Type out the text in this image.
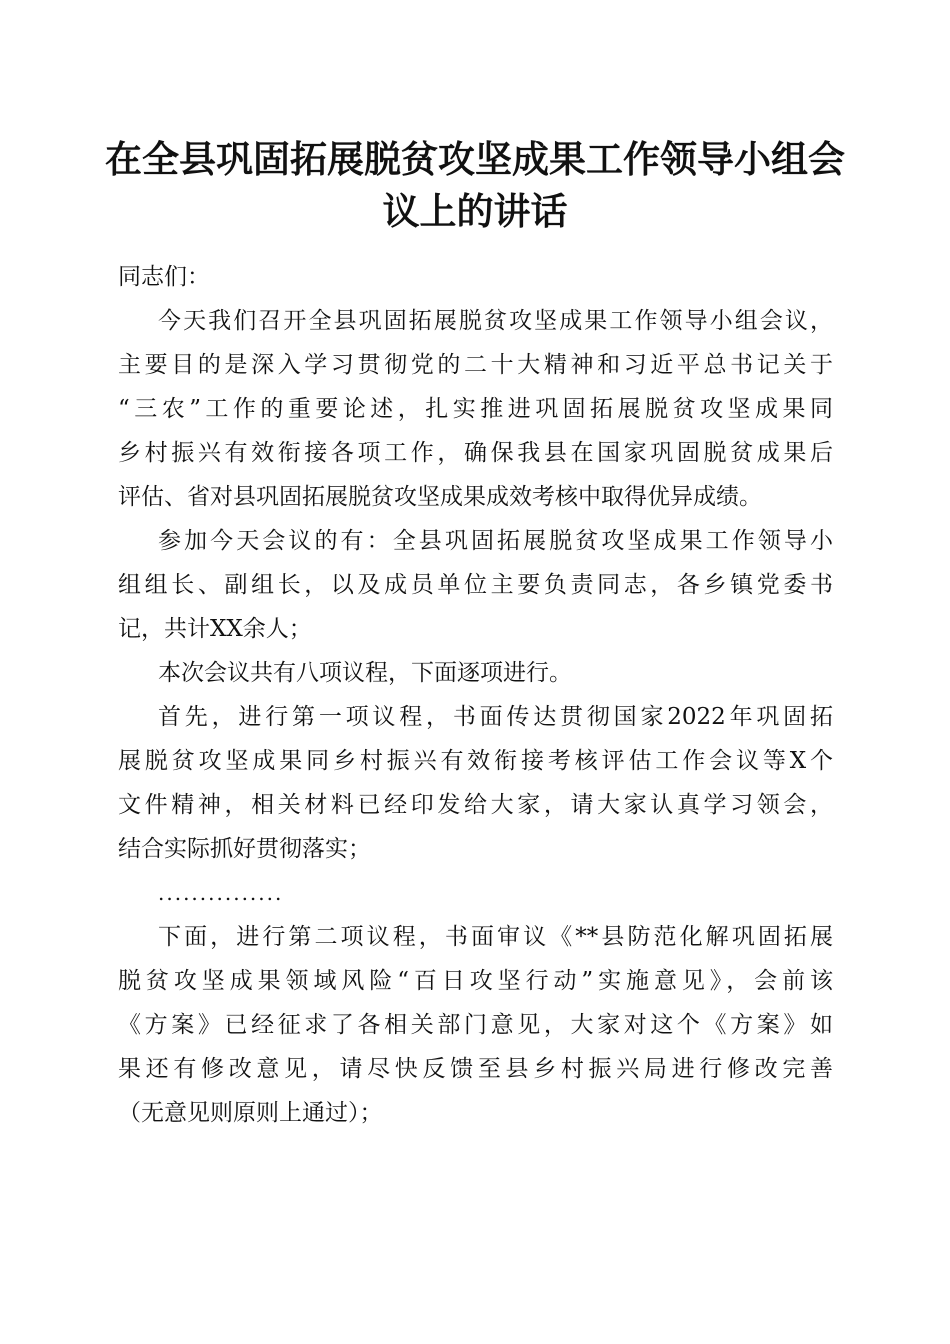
在全县巩固拓展脱贫攻坚成果工作领导小组会
议上的讲话
同志们：
今天我们召开全县巩固拓展脱贫攻坚成果工作领导小组会议，
主要目的是深入学习贯彻党的二十大精神和习近平总书记关于
“三农”工作的重要论述，扎实推进巩固拓展脱贫攻坚成果同
乡村振兴有效衔接各项工作，确保我县在国家巩固脱贫成果后
评估、省对县巩固拓展脱贫攻坚成果成效考核中取得优异成绩。
参加今天会议的有：全县巩固拓展脱贫攻坚成果工作领导小
组组长、副组长，以及成员单位主要负责同志，各乡镇党委书
记，共计XX余人；
本次会议共有八项议程，下面逐项进行。
首先，进行第一项议程，书面传达贯彻国家2022年巩固拓
展脱贫攻坚成果同乡村振兴有效衔接考核评估工作会议等X个
文件精神，相关材料已经印发给大家，请大家认真学习领会，
结合实际抓好贯彻落实；
...............
下面，进行第二项议程，书面审议《**县防范化解巩固拓展
脱贫攻坚成果领域风险“百日攻坚行动”实施意见》，会前该
《方案》已经征求了各相关部门意见，大家对这个《方案》如
果还有修改意见，请尽快反馈至县乡村振兴局进行修改完善
（无意见则原则上通过）；
